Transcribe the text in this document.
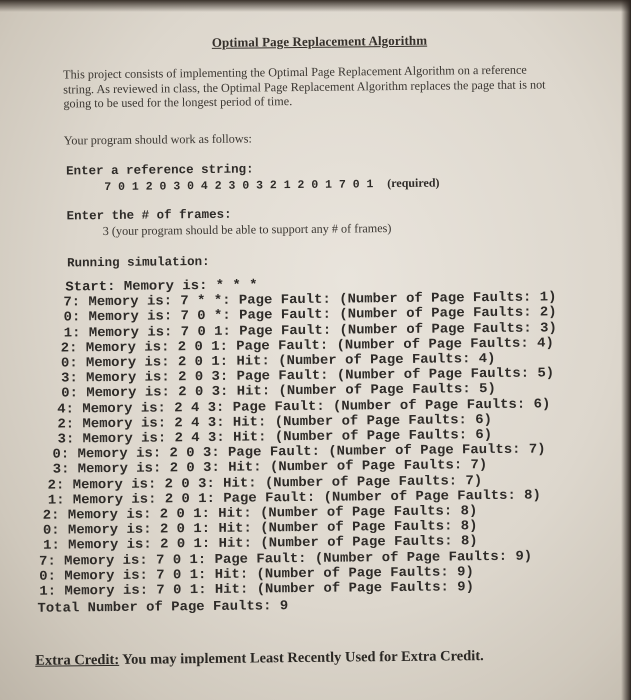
Optimal Page Replacement Algorithm
This project consists of implementing the Optimal Page Replacement Algorithm on a reference string. As reviewed in class, the Optimal Page Replacement Algorithm replaces the page that is not going to be used for the longest period of time.
Your program should work as follows:
Enter a reference string:
7 0 1 2 0 3 0 4 2 3 0 3 2 1 2 0 1 7 0 1 (required)
Enter the # of frames:
3 (your program should be able to support any # of frames)
Running simulation:
Start: Memory is: * * *
7: Memory is: 7 * *: Page Fault: (Number of Page Faults: 1)
0: Memory is: 7 0 *: Page Fault: (Number of Page Faults: 2)
1: Memory is: 7 0 1: Page Fault: (Number of Page Faults: 3)
2: Memory is: 2 0 1: Page Fault: (Number of Page Faults: 4)
0: Memory is: 2 0 1: Hit: (Number of Page Faults: 4)
3: Memory is: 2 0 3: Page Fault: (Number of Page Faults: 5)
0: Memory is: 2 0 3: Hit: (Number of Page Faults: 5)
4: Memory is: 2 4 3: Page Fault: (Number of Page Faults: 6)
2: Memory is: 2 4 3: Hit: (Number of Page Faults: 6)
3: Memory is: 2 4 3: Hit: (Number of Page Faults: 6)
0: Memory is: 2 0 3: Page Fault: (Number of Page Faults: 7)
3: Memory is: 2 0 3: Hit: (Number of Page Faults: 7)
2: Memory is: 2 0 3: Hit: (Number of Page Faults: 7)
1: Memory is: 2 0 1: Page Fault: (Number of Page Faults: 8)
2: Memory is: 2 0 1: Hit: (Number of Page Faults: 8)
0: Memory is: 2 0 1: Hit: (Number of Page Faults: 8)
1: Memory is: 2 0 1: Hit: (Number of Page Faults: 8)
7: Memory is: 7 0 1: Page Fault: (Number of Page Faults: 9)
0: Memory is: 7 0 1: Hit: (Number of Page Faults: 9)
1: Memory is: 7 0 1: Hit: (Number of Page Faults: 9)
Total Number of Page Faults: 9
Extra Credit: You may implement Least Recently Used for Extra Credit.
